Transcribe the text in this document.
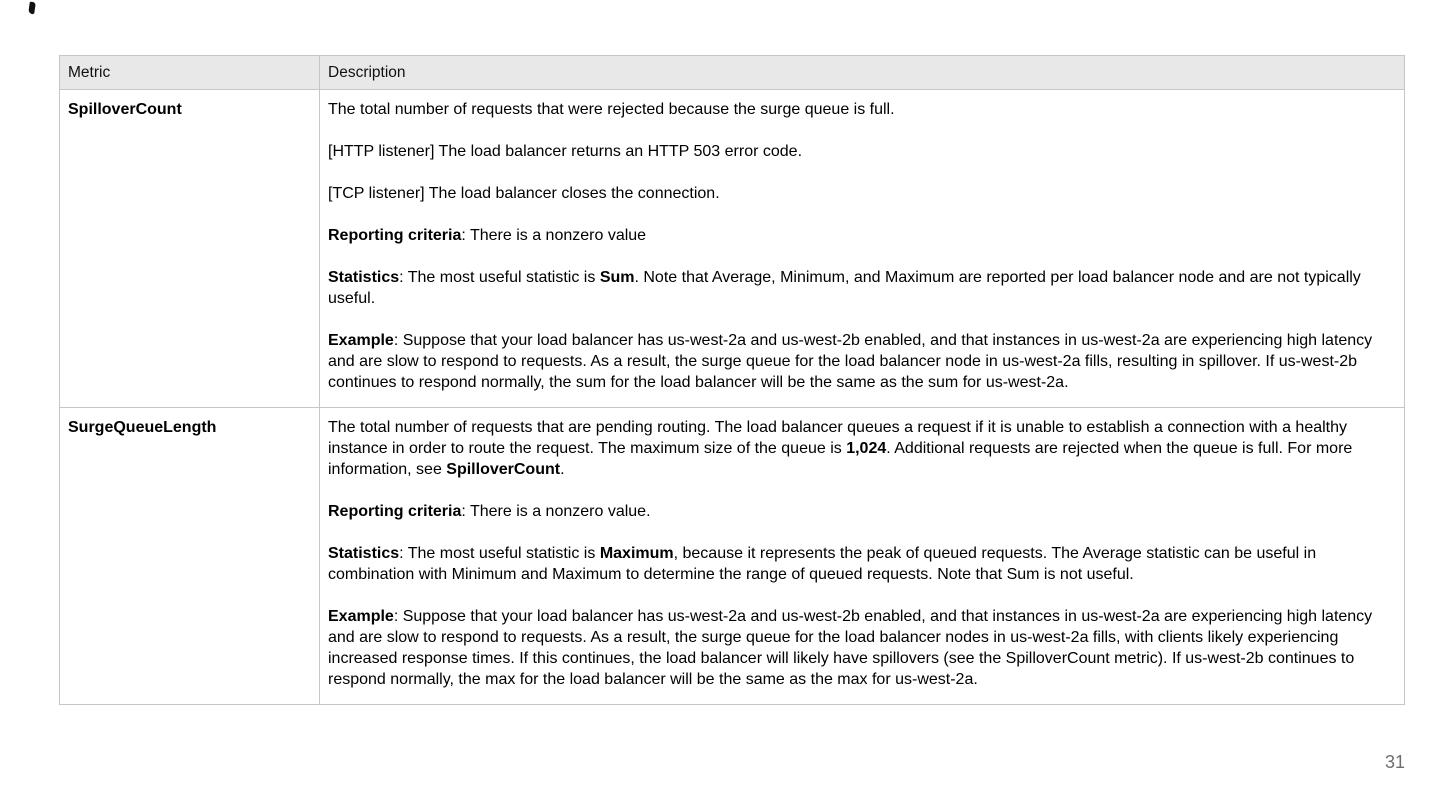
Metric	Description
SpilloverCount	The total number of requests that were rejected because the surge queue is full.

[HTTP listener] The load balancer returns an HTTP 503 error code.

[TCP listener] The load balancer closes the connection.

Reporting criteria: There is a nonzero value

Statistics: The most useful statistic is Sum. Note that Average, Minimum, and Maximum are reported per load balancer node and are not typically useful.

Example: Suppose that your load balancer has us-west-2a and us-west-2b enabled, and that instances in us-west-2a are experiencing high latency and are slow to respond to requests. As a result, the surge queue for the load balancer node in us-west-2a fills, resulting in spillover. If us-west-2b continues to respond normally, the sum for the load balancer will be the same as the sum for us-west-2a.

SurgeQueueLength	The total number of requests that are pending routing. The load balancer queues a request if it is unable to establish a connection with a healthy instance in order to route the request. The maximum size of the queue is 1,024. Additional requests are rejected when the queue is full. For more information, see SpilloverCount.

Reporting criteria: There is a nonzero value.

Statistics: The most useful statistic is Maximum, because it represents the peak of queued requests. The Average statistic can be useful in combination with Minimum and Maximum to determine the range of queued requests. Note that Sum is not useful.

Example: Suppose that your load balancer has us-west-2a and us-west-2b enabled, and that instances in us-west-2a are experiencing high latency and are slow to respond to requests. As a result, the surge queue for the load balancer nodes in us-west-2a fills, with clients likely experiencing increased response times. If this continues, the load balancer will likely have spillovers (see the SpilloverCount metric). If us-west-2b continues to respond normally, the max for the load balancer will be the same as the max for us-west-2a.

31
